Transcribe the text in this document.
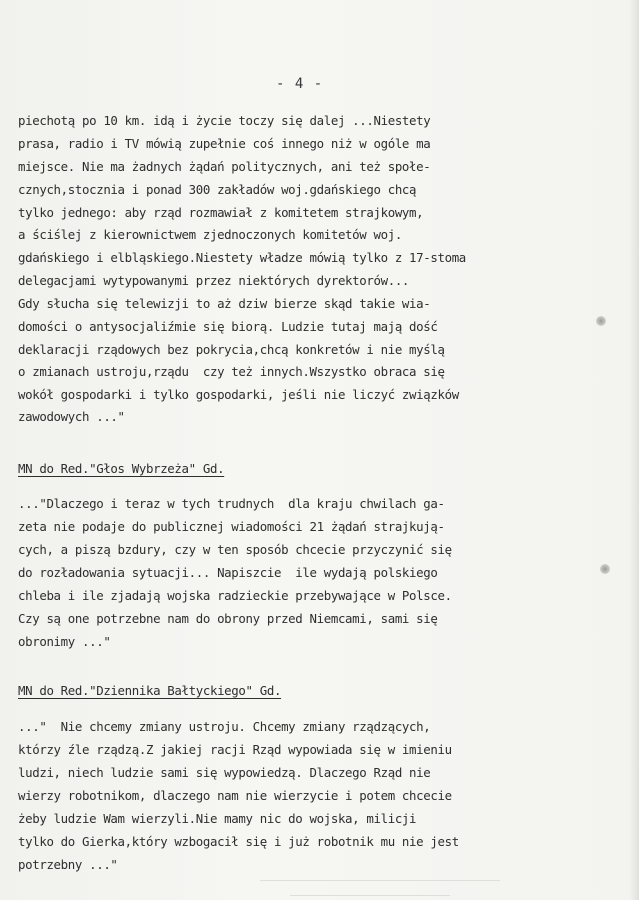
- 4 -
piechotą po 10 km. idą i życie toczy się dalej ...Niestety
prasa, radio i TV mówią zupełnie coś innego niż w ogóle ma
miejsce. Nie ma żadnych żądań politycznych, ani też społe-
cznych,stocznia i ponad 300 zakładów woj.gdańskiego chcą
tylko jednego: aby rząd rozmawiał z komitetem strajkowym,
a ściślej z kierownictwem zjednoczonych komitetów woj.
gdańskiego i elbląskiego.Niestety władze mówią tylko z 17-stoma
delegacjami wytypowanymi przez niektórych dyrektorów...
Gdy słucha się telewizji to aż dziw bierze skąd takie wia-
domości o antysocjaliźmie się biorą. Ludzie tutaj mają dość
deklaracji rządowych bez pokrycia,chcą konkretów i nie myślą
o zmianach ustroju,rządu  czy też innych.Wszystko obraca się
wokół gospodarki i tylko gospodarki, jeśli nie liczyć związków
zawodowych ..."
MN do Red."Głos Wybrzeża" Gd.
..."Dlaczego i teraz w tych trudnych  dla kraju chwilach ga-
zeta nie podaje do publicznej wiadomości 21 żądań strajkują-
cych, a piszą bzdury, czy w ten sposób chcecie przyczynić się
do rozładowania sytuacji... Napiszcie  ile wydają polskiego
chleba i ile zjadają wojska radzieckie przebywające w Polsce.
Czy są one potrzebne nam do obrony przed Niemcami, sami się
obronimy ..."
MN do Red."Dziennika Bałtyckiego" Gd.
..."  Nie chcemy zmiany ustroju. Chcemy zmiany rządzących,
którzy źle rządzą.Z jakiej racji Rząd wypowiada się w imieniu
ludzi, niech ludzie sami się wypowiedzą. Dlaczego Rząd nie
wierzy robotnikom, dlaczego nam nie wierzycie i potem chcecie
żeby ludzie Wam wierzyli.Nie mamy nic do wojska, milicji
tylko do Gierka,który wzbogacił się i już robotnik mu nie jest
potrzebny ..."
